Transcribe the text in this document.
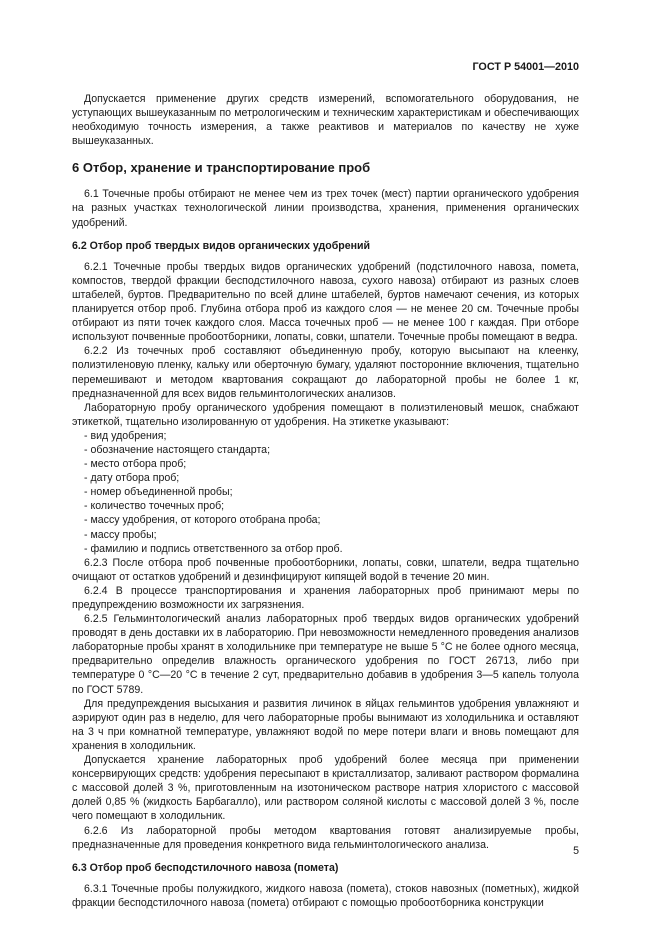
ГОСТ Р 54001—2010

Допускается применение других средств измерений, вспомогательного оборудования, не уступающих вышеуказанным по метрологическим и техническим характеристикам и обеспечивающих необходимую точность измерения, а также реактивов и материалов по качеству не хуже вышеуказанных.

6 Отбор, хранение и транспортирование проб

6.1 Точечные пробы отбирают не менее чем из трех точек (мест) партии органического удобрения на разных участках технологической линии производства, хранения, применения органических удобрений.

6.2 Отбор проб твердых видов органических удобрений

6.2.1 Точечные пробы твердых видов органических удобрений (подстилочного навоза, помета, компостов, твердой фракции бесподстилочного навоза, сухого навоза) отбирают из разных слоев штабелей, буртов. Предварительно по всей длине штабелей, буртов намечают сечения, из которых планируется отбор проб. Глубина отбора проб из каждого слоя — не менее 20 см. Точечные пробы отбирают из пяти точек каждого слоя. Масса точечных проб — не менее 100 г каждая. При отборе используют почвенные пробоотборники, лопаты, совки, шпатели. Точечные пробы помещают в ведра.

6.2.2 Из точечных проб составляют объединенную пробу, которую высыпают на клеенку, полиэтиленовую пленку, кальку или оберточную бумагу, удаляют посторонние включения, тщательно перемешивают и методом квартования сокращают до лабораторной пробы не более 1 кг, предназначенной для всех видов гельминтологических анализов.

Лабораторную пробу органического удобрения помещают в полиэтиленовый мешок, снабжают этикеткой, тщательно изолированную от удобрения. На этикетке указывают:

- вид удобрения;
- обозначение настоящего стандарта;
- место отбора проб;
- дату отбора проб;
- номер объединенной пробы;
- количество точечных проб;
- массу удобрения, от которого отобрана проба;
- массу пробы;
- фамилию и подпись ответственного за отбор проб.

6.2.3 После отбора проб почвенные пробоотборники, лопаты, совки, шпатели, ведра тщательно очищают от остатков удобрений и дезинфицируют кипящей водой в течение 20 мин.

6.2.4 В процессе транспортирования и хранения лабораторных проб принимают меры по предупреждению возможности их загрязнения.

6.2.5 Гельминтологический анализ лабораторных проб твердых видов органических удобрений проводят в день доставки их в лабораторию. При невозможности немедленного проведения анализов лабораторные пробы хранят в холодильнике при температуре не выше 5 °С не более одного месяца, предварительно определив влажность органического удобрения по ГОСТ 26713, либо при температуре 0 °С—20 °С в течение 2 сут, предварительно добавив в удобрения 3—5 капель толуола по ГОСТ 5789.

Для предупреждения высыхания и развития личинок в яйцах гельминтов удобрения увлажняют и аэрируют один раз в неделю, для чего лабораторные пробы вынимают из холодильника и оставляют на 3 ч при комнатной температуре, увлажняют водой по мере потери влаги и вновь помещают для хранения в холодильник.

Допускается хранение лабораторных проб удобрений более месяца при применении консервирующих средств: удобрения пересыпают в кристаллизатор, заливают раствором формалина с массовой долей 3 %, приготовленным на изотоническом растворе натрия хлористого с массовой долей 0,85 % (жидкость Барбагалло), или раствором соляной кислоты с массовой долей 3 %, после чего помещают в холодильник.

6.2.6 Из лабораторной пробы методом квартования готовят анализируемые пробы, предназначенные для проведения конкретного вида гельминтологического анализа.

6.3 Отбор проб бесподстилочного навоза (помета)

6.3.1 Точечные пробы полужидкого, жидкого навоза (помета), стоков навозных (пометных), жидкой фракции бесподстилочного навоза (помета) отбирают с помощью пробоотборника конструкции

5
